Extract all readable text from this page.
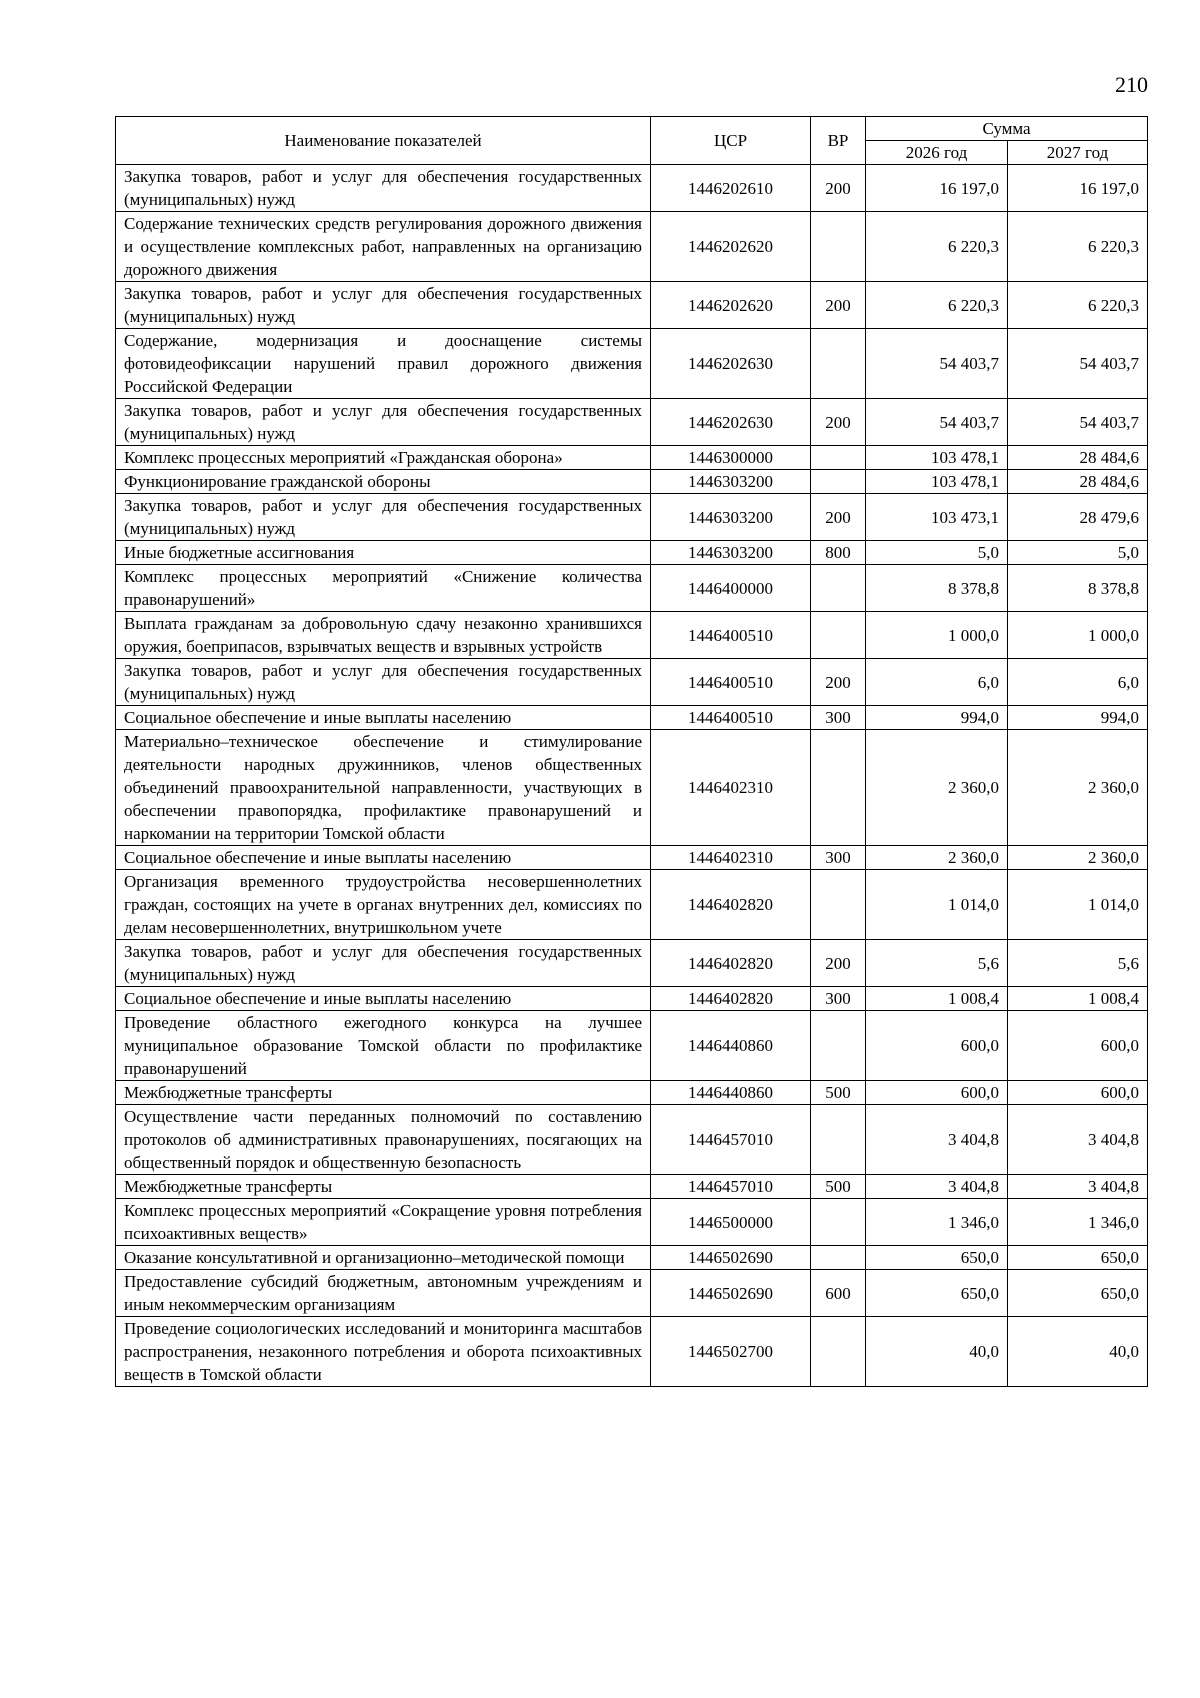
210
Наименование показателей	ЦСР	ВР	Сумма	
			2026 год	2027 год
Закупка товаров, работ и услуг для обеспечения государственных (муниципальных) нужд	1446202610	200	16 197,0	16 197,0
Содержание технических средств регулирования дорожного движения и осуществление комплексных работ, направленных на организацию дорожного движения	1446202620		6 220,3	6 220,3
Закупка товаров, работ и услуг для обеспечения государственных (муниципальных) нужд	1446202620	200	6 220,3	6 220,3
Содержание, модернизация и дооснащение системы фотовидеофиксации нарушений правил дорожного движения Российской Федерации	1446202630		54 403,7	54 403,7
Закупка товаров, работ и услуг для обеспечения государственных (муниципальных) нужд	1446202630	200	54 403,7	54 403,7
Комплекс процессных мероприятий «Гражданская оборона»	1446300000		103 478,1	28 484,6
Функционирование гражданской обороны	1446303200		103 478,1	28 484,6
Закупка товаров, работ и услуг для обеспечения государственных (муниципальных) нужд	1446303200	200	103 473,1	28 479,6
Иные бюджетные ассигнования	1446303200	800	5,0	5,0
Комплекс процессных мероприятий «Снижение количества правонарушений»	1446400000		8 378,8	8 378,8
Выплата гражданам за добровольную сдачу незаконно хранившихся оружия, боеприпасов, взрывчатых веществ и взрывных устройств	1446400510		1 000,0	1 000,0
Закупка товаров, работ и услуг для обеспечения государственных (муниципальных) нужд	1446400510	200	6,0	6,0
Социальное обеспечение и иные выплаты населению	1446400510	300	994,0	994,0
Материально–техническое обеспечение и стимулирование деятельности народных дружинников, членов общественных объединений правоохранительной направленности, участвующих в обеспечении правопорядка, профилактике правонарушений и наркомании на территории Томской области	1446402310		2 360,0	2 360,0
Социальное обеспечение и иные выплаты населению	1446402310	300	2 360,0	2 360,0
Организация временного трудоустройства несовершеннолетних граждан, состоящих на учете в органах внутренних дел, комиссиях по делам несовершеннолетних, внутришкольном учете	1446402820		1 014,0	1 014,0
Закупка товаров, работ и услуг для обеспечения государственных (муниципальных) нужд	1446402820	200	5,6	5,6
Социальное обеспечение и иные выплаты населению	1446402820	300	1 008,4	1 008,4
Проведение областного ежегодного конкурса на лучшее муниципальное образование Томской области по профилактике правонарушений	1446440860		600,0	600,0
Межбюджетные трансферты	1446440860	500	600,0	600,0
Осуществление части переданных полномочий по составлению протоколов об административных правонарушениях, посягающих на общественный порядок и общественную безопасность	1446457010		3 404,8	3 404,8
Межбюджетные трансферты	1446457010	500	3 404,8	3 404,8
Комплекс процессных мероприятий «Сокращение уровня потребления психоактивных веществ»	1446500000		1 346,0	1 346,0
Оказание консультативной и организационно–методической помощи	1446502690		650,0	650,0
Предоставление субсидий бюджетным, автономным учреждениям и иным некоммерческим организациям	1446502690	600	650,0	650,0
Проведение социологических исследований и мониторинга масштабов распространения, незаконного потребления и оборота психоактивных веществ в Томской области	1446502700		40,0	40,0
